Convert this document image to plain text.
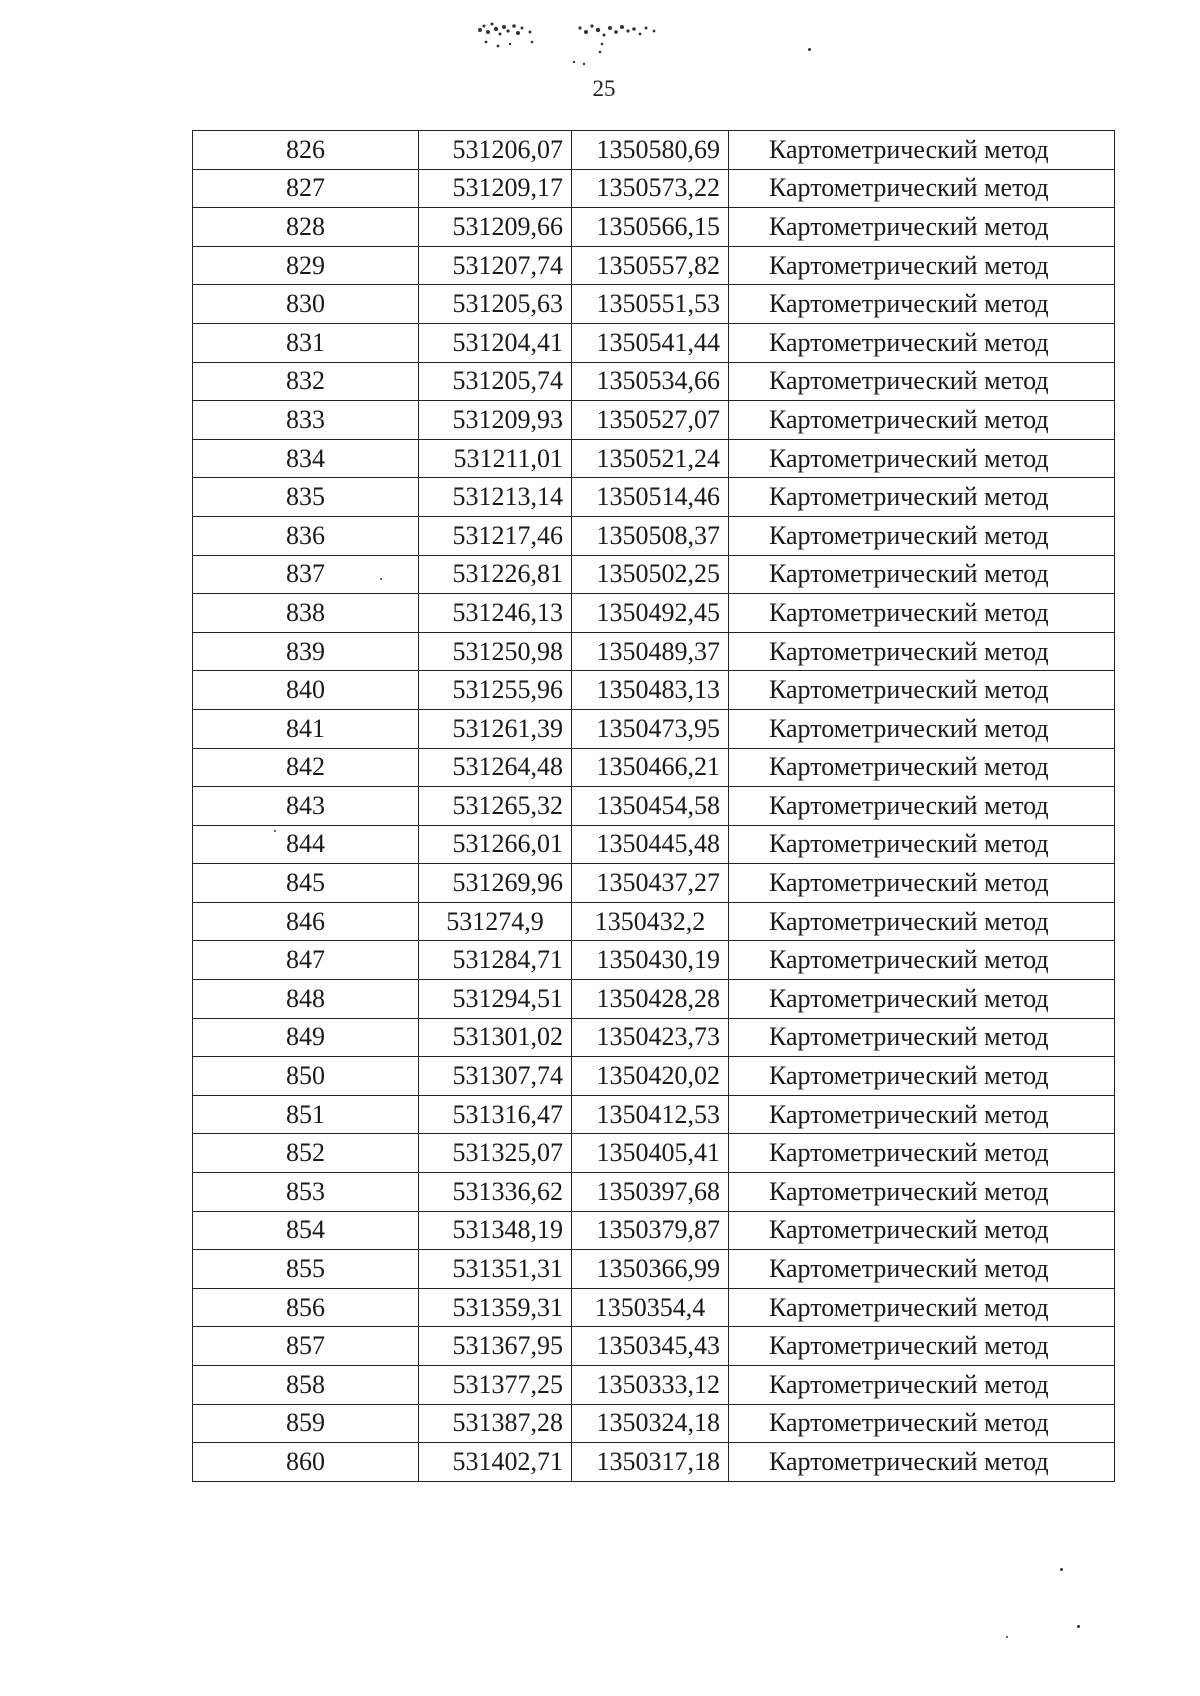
25
826	531206,07	1350580,69	Картометрический метод
827	531209,17	1350573,22	Картометрический метод
828	531209,66	1350566,15	Картометрический метод
829	531207,74	1350557,82	Картометрический метод
830	531205,63	1350551,53	Картометрический метод
831	531204,41	1350541,44	Картометрический метод
832	531205,74	1350534,66	Картометрический метод
833	531209,93	1350527,07	Картометрический метод
834	531211,01	1350521,24	Картометрический метод
835	531213,14	1350514,46	Картометрический метод
836	531217,46	1350508,37	Картометрический метод
837	531226,81	1350502,25	Картометрический метод
838	531246,13	1350492,45	Картометрический метод
839	531250,98	1350489,37	Картометрический метод
840	531255,96	1350483,13	Картометрический метод
841	531261,39	1350473,95	Картометрический метод
842	531264,48	1350466,21	Картометрический метод
843	531265,32	1350454,58	Картометрический метод
844	531266,01	1350445,48	Картометрический метод
845	531269,96	1350437,27	Картометрический метод
846	531274,9	1350432,2	Картометрический метод
847	531284,71	1350430,19	Картометрический метод
848	531294,51	1350428,28	Картометрический метод
849	531301,02	1350423,73	Картометрический метод
850	531307,74	1350420,02	Картометрический метод
851	531316,47	1350412,53	Картометрический метод
852	531325,07	1350405,41	Картометрический метод
853	531336,62	1350397,68	Картометрический метод
854	531348,19	1350379,87	Картометрический метод
855	531351,31	1350366,99	Картометрический метод
856	531359,31	1350354,4	Картометрический метод
857	531367,95	1350345,43	Картометрический метод
858	531377,25	1350333,12	Картометрический метод
859	531387,28	1350324,18	Картометрический метод
860	531402,71	1350317,18	Картометрический метод
